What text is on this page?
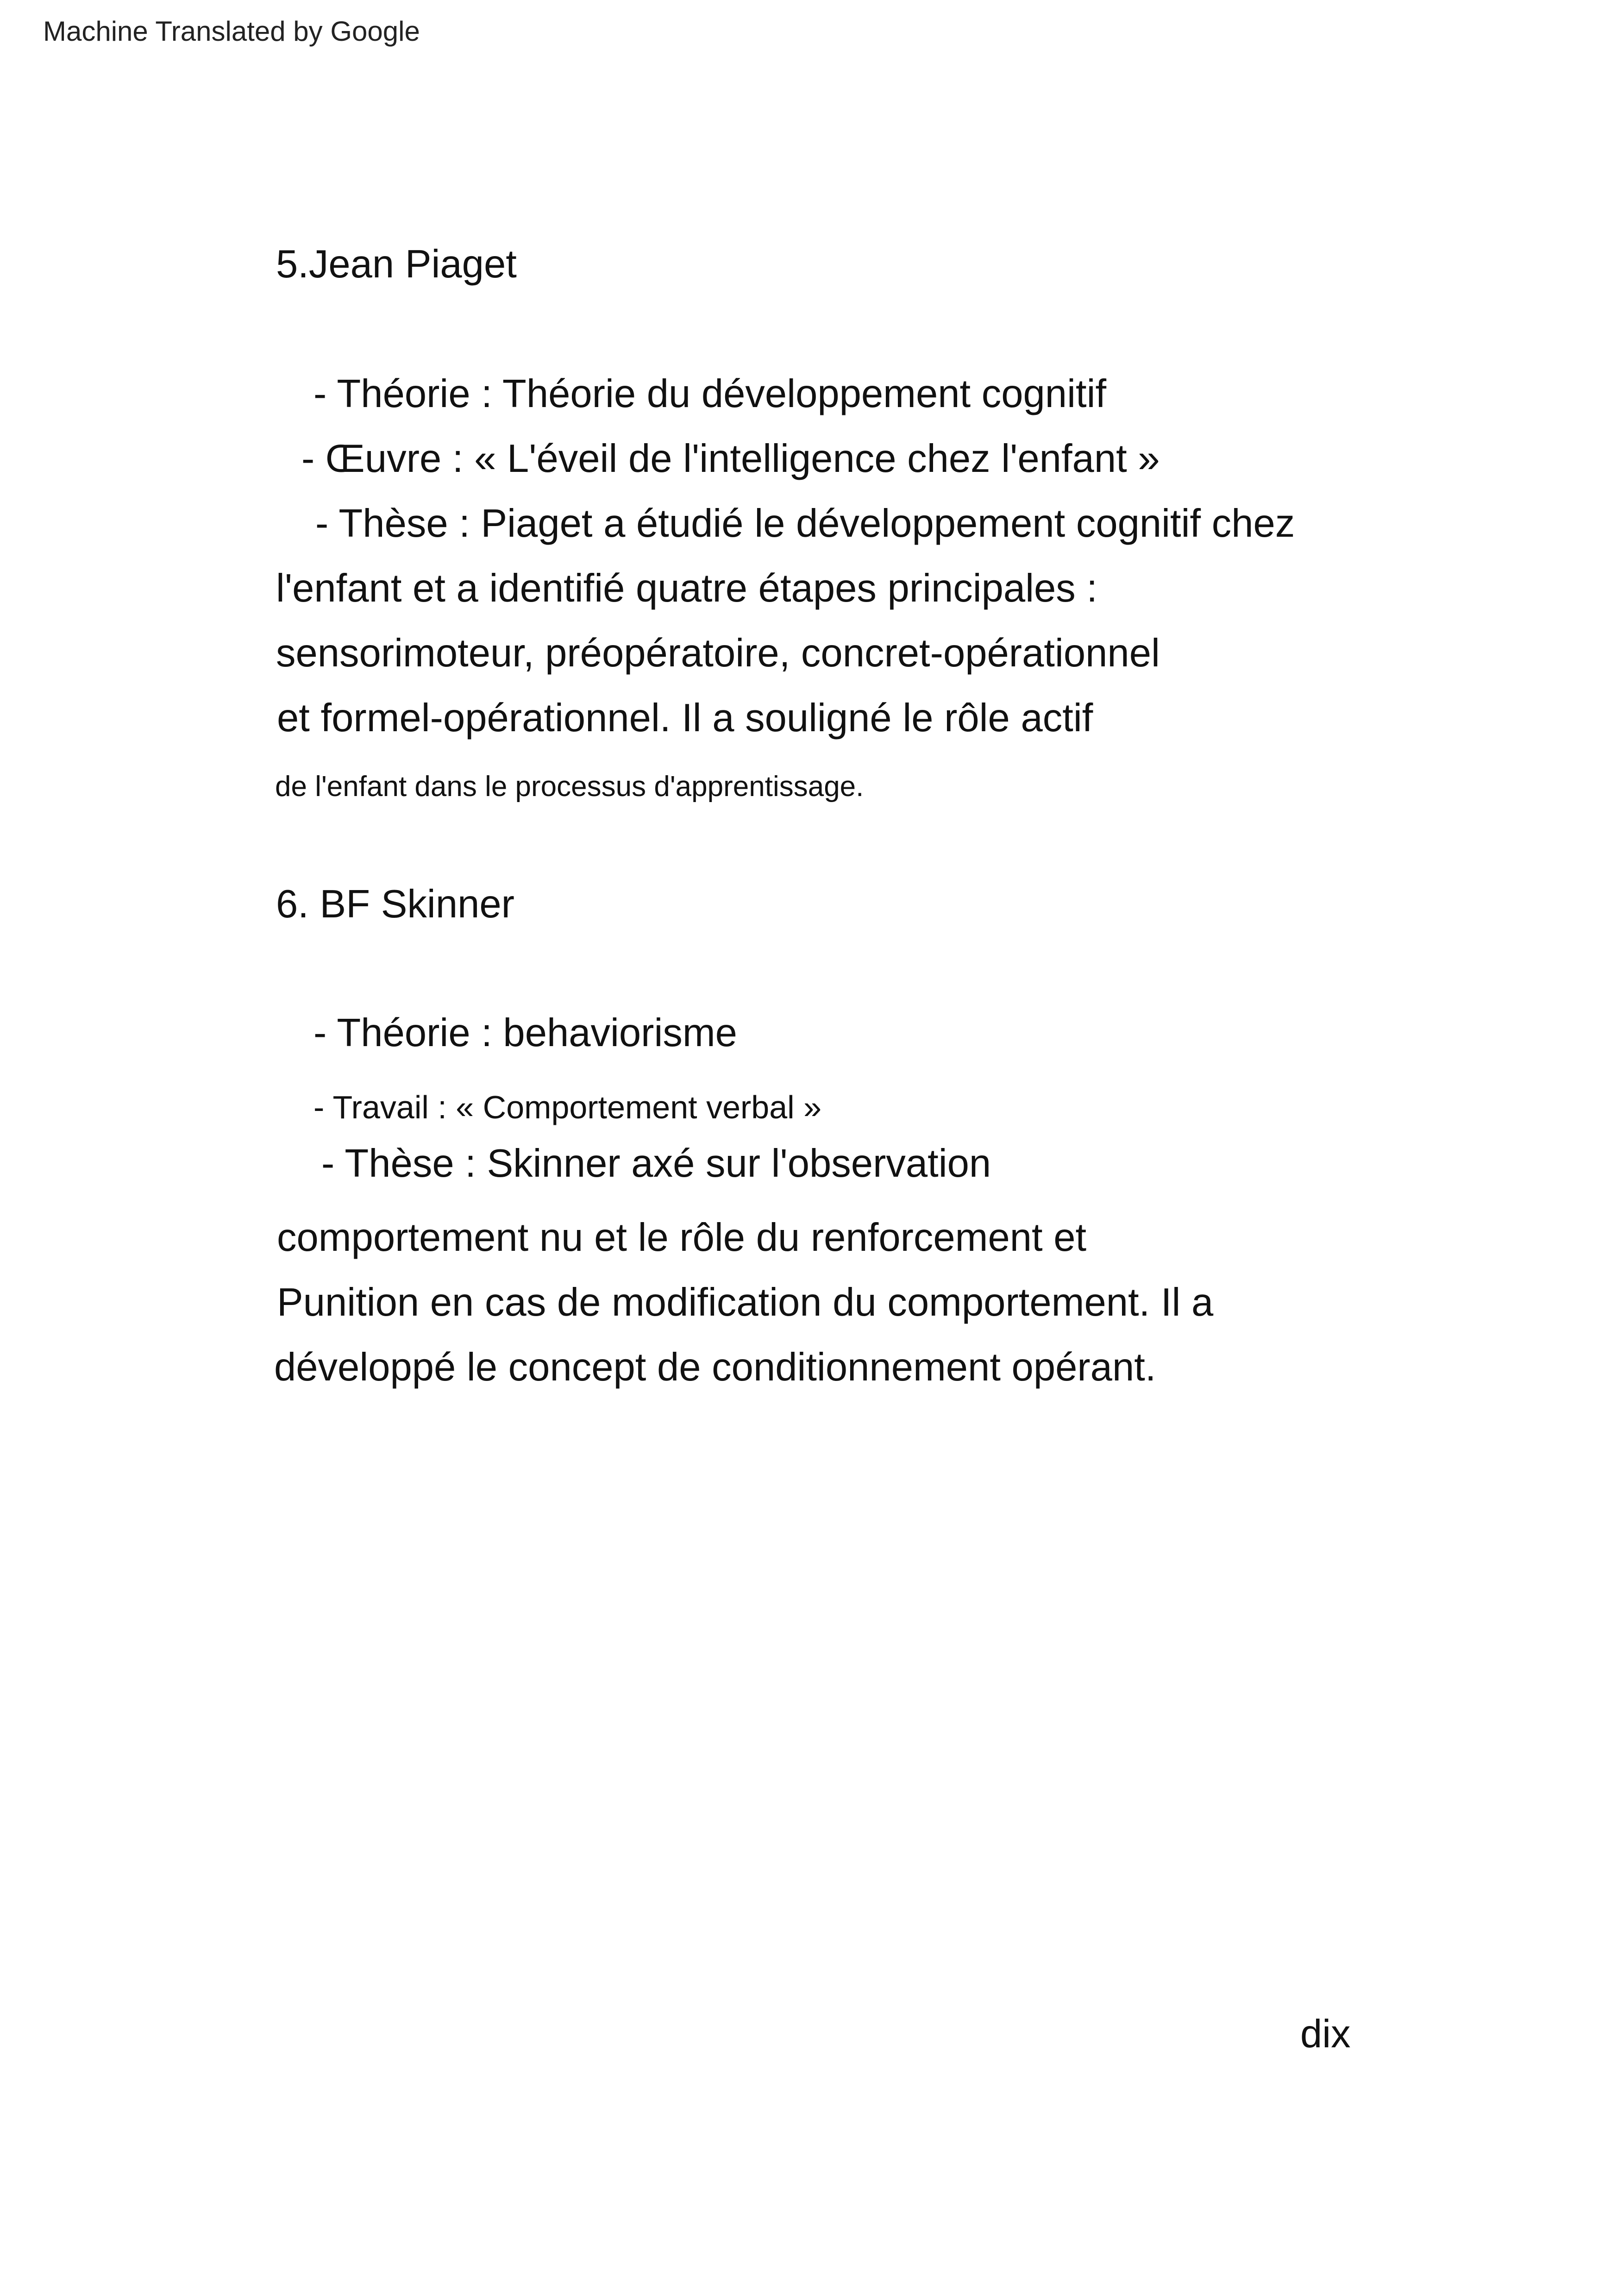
Machine Translated by Google
5.Jean Piaget
- Théorie : Théorie du développement cognitif
- Œuvre : « L'éveil de l'intelligence chez l'enfant »
- Thèse : Piaget a étudié le développement cognitif chez
l'enfant et a identifié quatre étapes principales :
sensorimoteur, préopératoire, concret-opérationnel
et formel-opérationnel. Il a souligné le rôle actif
de l'enfant dans le processus d'apprentissage.
6. BF Skinner
- Théorie : behaviorisme
- Travail : « Comportement verbal »
- Thèse : Skinner axé sur l'observation
comportement nu et le rôle du renforcement et
Punition en cas de modification du comportement. Il a
développé le concept de conditionnement opérant.
dix
